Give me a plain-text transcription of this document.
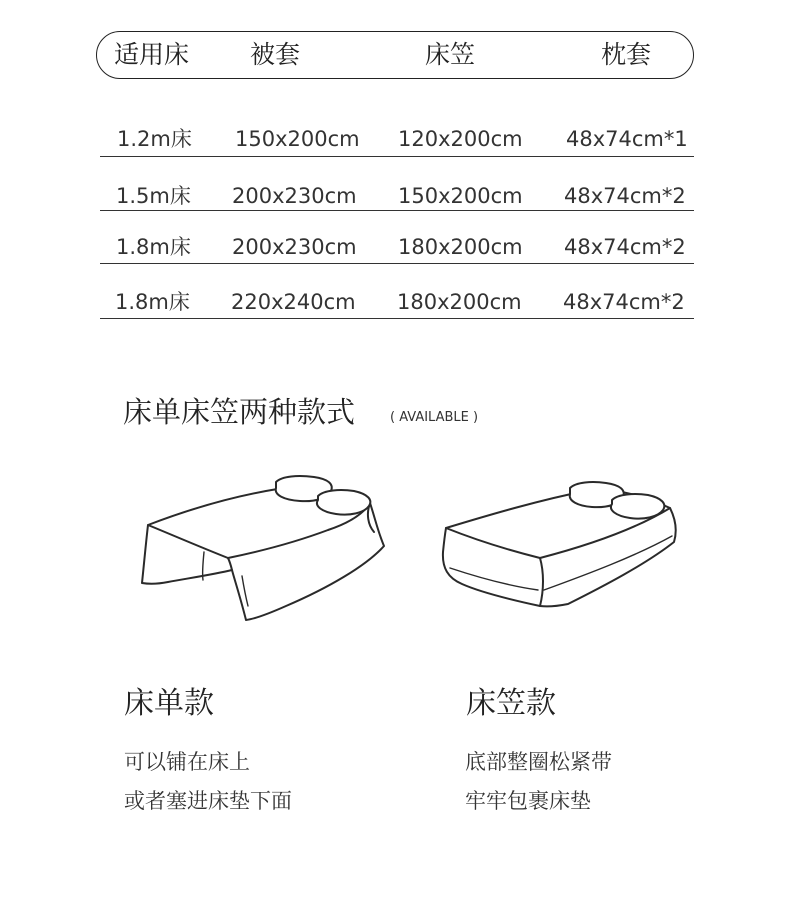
适用床 被套	床笠	枕套
1.2m床 150x200cm 120x200cm 48x74cm*1
1.5m床 200x230cm 150x200cm 48x74cm*2
1.8m床 200x230cm 180x200cm 48x74cm*2
1.8m床 220x240cm 180x200cm 48x74cm*2
床单床笠两种款式	( AVAILABLE )
床单款	床笠款
可以铺在床上
或者塞进床垫下面
底部整圈松紧带
牢牢包裹床垫
